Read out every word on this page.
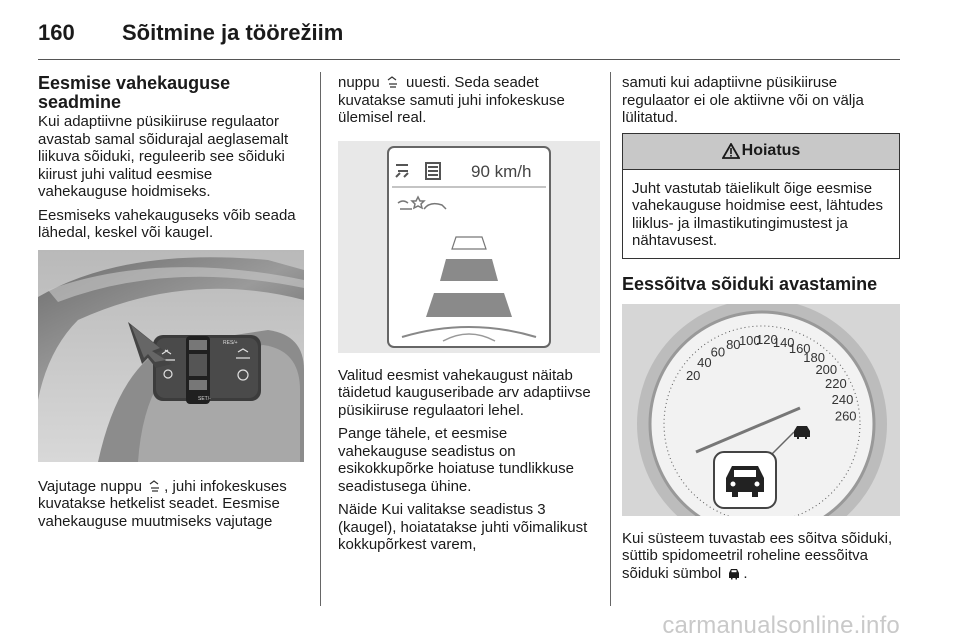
160	Sõitmine ja töörežiim
Eesmise vahekauguse seadmine

Kui adaptiivne püsikiiruse regulaator avastab samal sõidurajal aeglasemalt liikuva sõiduki, reguleerib see sõiduki kiirust juhi valitud eesmise vahekauguse hoidmiseks.

Eesmiseks vahekauguseks võib seada lähedal, keskel või kaugel.

RES/+
SET/-

Vajutage nuppu , juhi infokeskuses kuvatakse hetkelist seadet. Eesmise vahekauguse muutmiseks vajutage

nuppu  uuesti. Seda seadet kuvatakse samuti juhi infokeskuse ülemisel real.

90 km/h

Valitud eesmist vahekaugust näitab täidetud kauguseribade arv adaptiivse püsikiiruse regulaatori lehel.

Pange tähele, et eesmise vahekauguse seadistus on esikokkupõrke hoiatuse tundlikkuse seadistusega ühine.

Näide Kui valitakse seadistus 3 (kaugel), hoiatatakse juhti võimalikust kokkupõrkest varem,

samuti kui adaptiivne püsikiiruse regulaator ei ole aktiivne või on välja lülitatud.

Hoiatus
Juht vastutab täielikult õige eesmise vahekauguse hoidmise eest, lähtudes liiklus- ja ilmastikutingimustest ja nähtavusest.
Eessõitva sõiduki avastamine
20
40
60 80
100
120
140
160
180
200
220
240
260

Kui süsteem tuvastab ees sõitva sõiduki, süttib spidomeetril roheline eessõitva sõiduki sümbol .

carmanualsonline.info
